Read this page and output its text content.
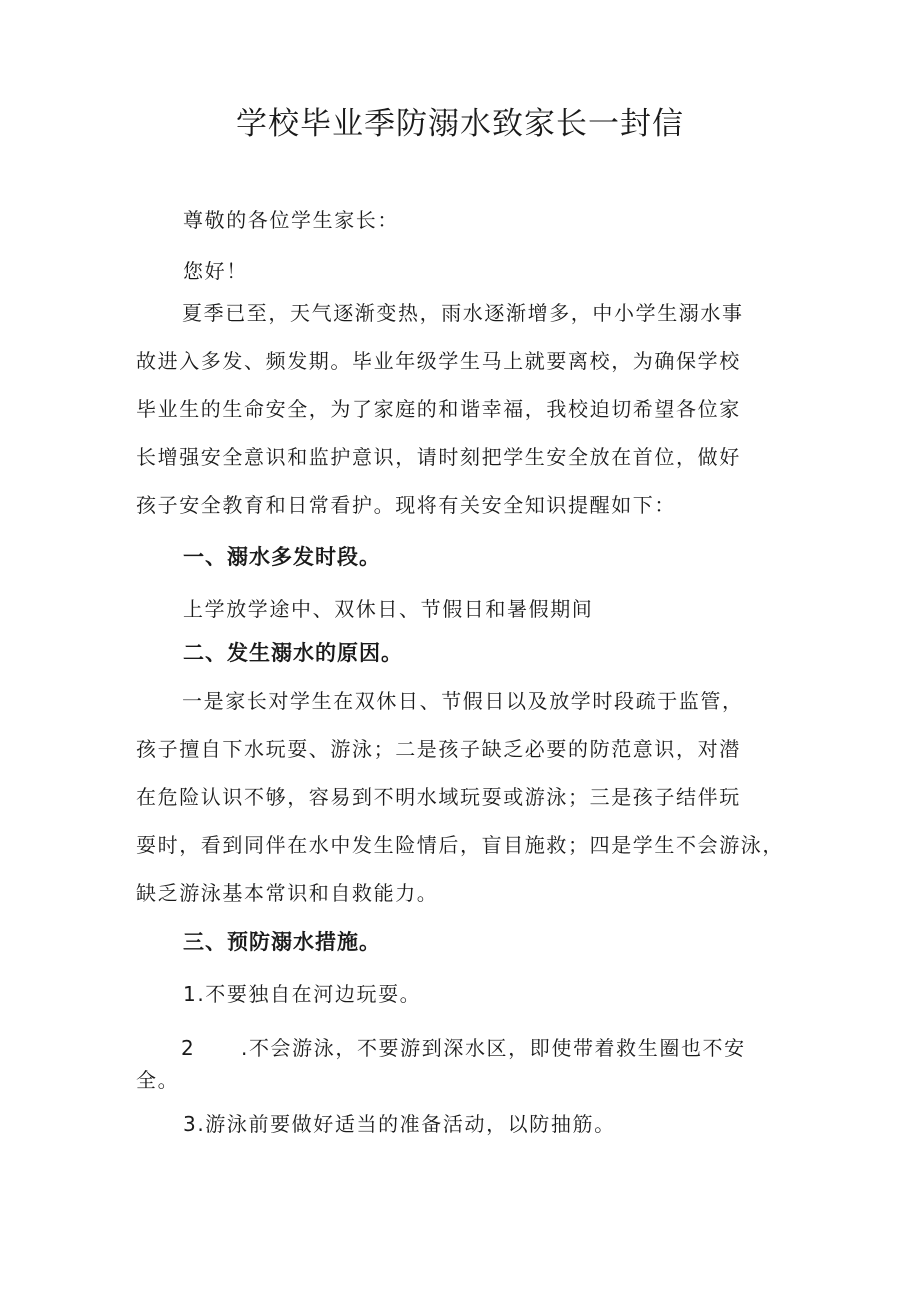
学校毕业季防溺水致家长一封信

尊敬的各位学生家长：

您好！

夏季已至，天气逐渐变热，雨水逐渐增多，中小学生溺水事
故进入多发、频发期。毕业年级学生马上就要离校，为确保学校
毕业生的生命安全，为了家庭的和谐幸福，我校迫切希望各位家
长增强安全意识和监护意识，请时刻把学生安全放在首位，做好
孩子安全教育和日常看护。现将有关安全知识提醒如下：

一、溺水多发时段。

上学放学途中、双休日、节假日和暑假期间

二、发生溺水的原因。

一是家长对学生在双休日、节假日以及放学时段疏于监管，
孩子擅自下水玩耍、游泳；二是孩子缺乏必要的防范意识，对潜
在危险认识不够，容易到不明水域玩耍或游泳；三是孩子结伴玩
耍时，看到同伴在水中发生险情后，盲目施救；四是学生不会游泳，
缺乏游泳基本常识和自救能力。

三、预防溺水措施。

1.不要独自在河边玩耍。

2 .不会游泳，不要游到深水区，即使带着救生圈也不安

全。

3.游泳前要做好适当的准备活动，以防抽筋。
